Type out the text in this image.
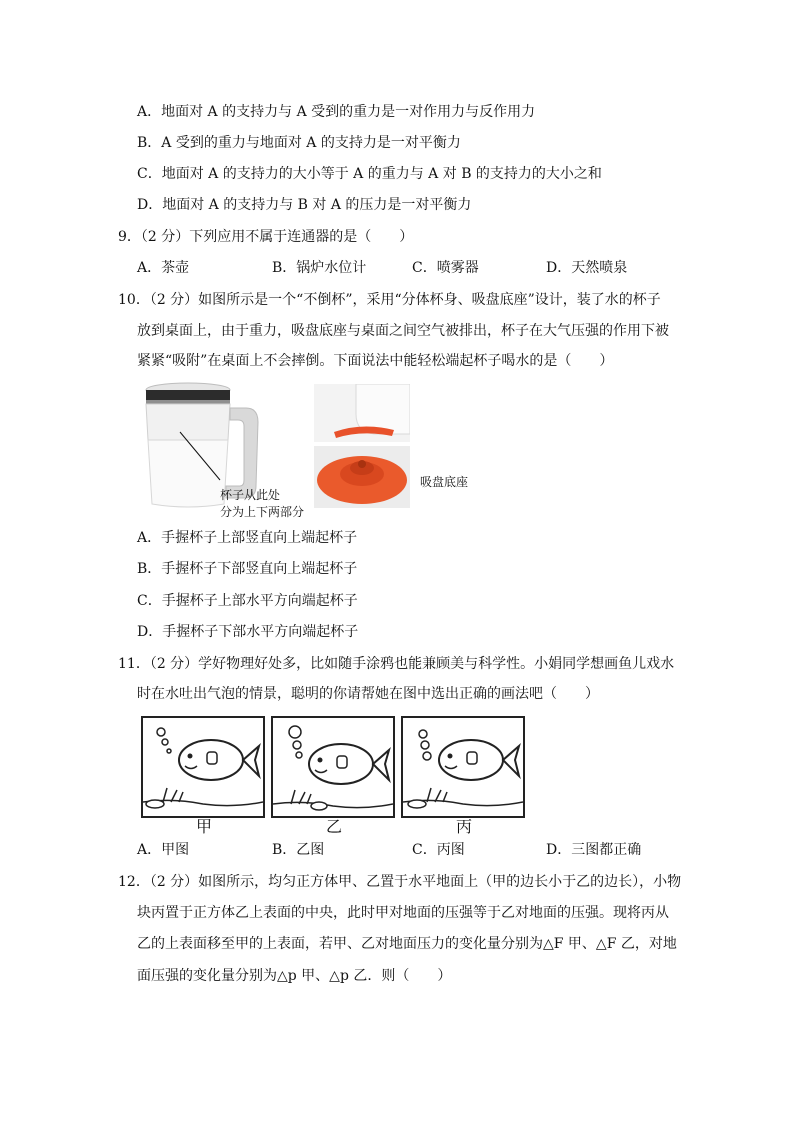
A．地面对 A 的支持力与 A 受到的重力是一对作用力与反作用力
B．A 受到的重力与地面对 A 的支持力是一对平衡力
C．地面对 A 的支持力的大小等于 A 的重力与 A 对 B 的支持力的大小之和
D．地面对 A 的支持力与 B 对 A 的压力是一对平衡力
9．（2 分）下列应用不属于连通器的是（　　）
A．茶壶	B．锅炉水位计	C．喷雾器	D．天然喷泉
10．（2 分）如图所示是一个“不倒杯”，采用“分体杯身、吸盘底座”设计，装了水的杯子
放到桌面上，由于重力，吸盘底座与桌面之间空气被排出，杯子在大气压强的作用下被
紧紧“吸附”在桌面上不会摔倒。下面说法中能轻松端起杯子喝水的是（　　）
杯子从此处
分为上下两部分
吸盘底座
A．手握杯子上部竖直向上端起杯子
B．手握杯子下部竖直向上端起杯子
C．手握杯子上部水平方向端起杯子
D．手握杯子下部水平方向端起杯子
11．（2 分）学好物理好处多，比如随手涂鸦也能兼顾美与科学性。小娟同学想画鱼儿戏水
时在水吐出气泡的情景，聪明的你请帮她在图中选出正确的画法吧（　　）
甲	乙	丙
A．甲图	B．乙图	C．丙图	D．三图都正确
12．（2 分）如图所示，均匀正方体甲、乙置于水平地面上（甲的边长小于乙的边长），小物
块丙置于正方体乙上表面的中央，此时甲对地面的压强等于乙对地面的压强。现将丙从
乙的上表面移至甲的上表面，若甲、乙对地面压力的变化量分别为△F 甲、△F 乙，对地
面压强的变化量分别为△p 甲、△p 乙．则（　　）
